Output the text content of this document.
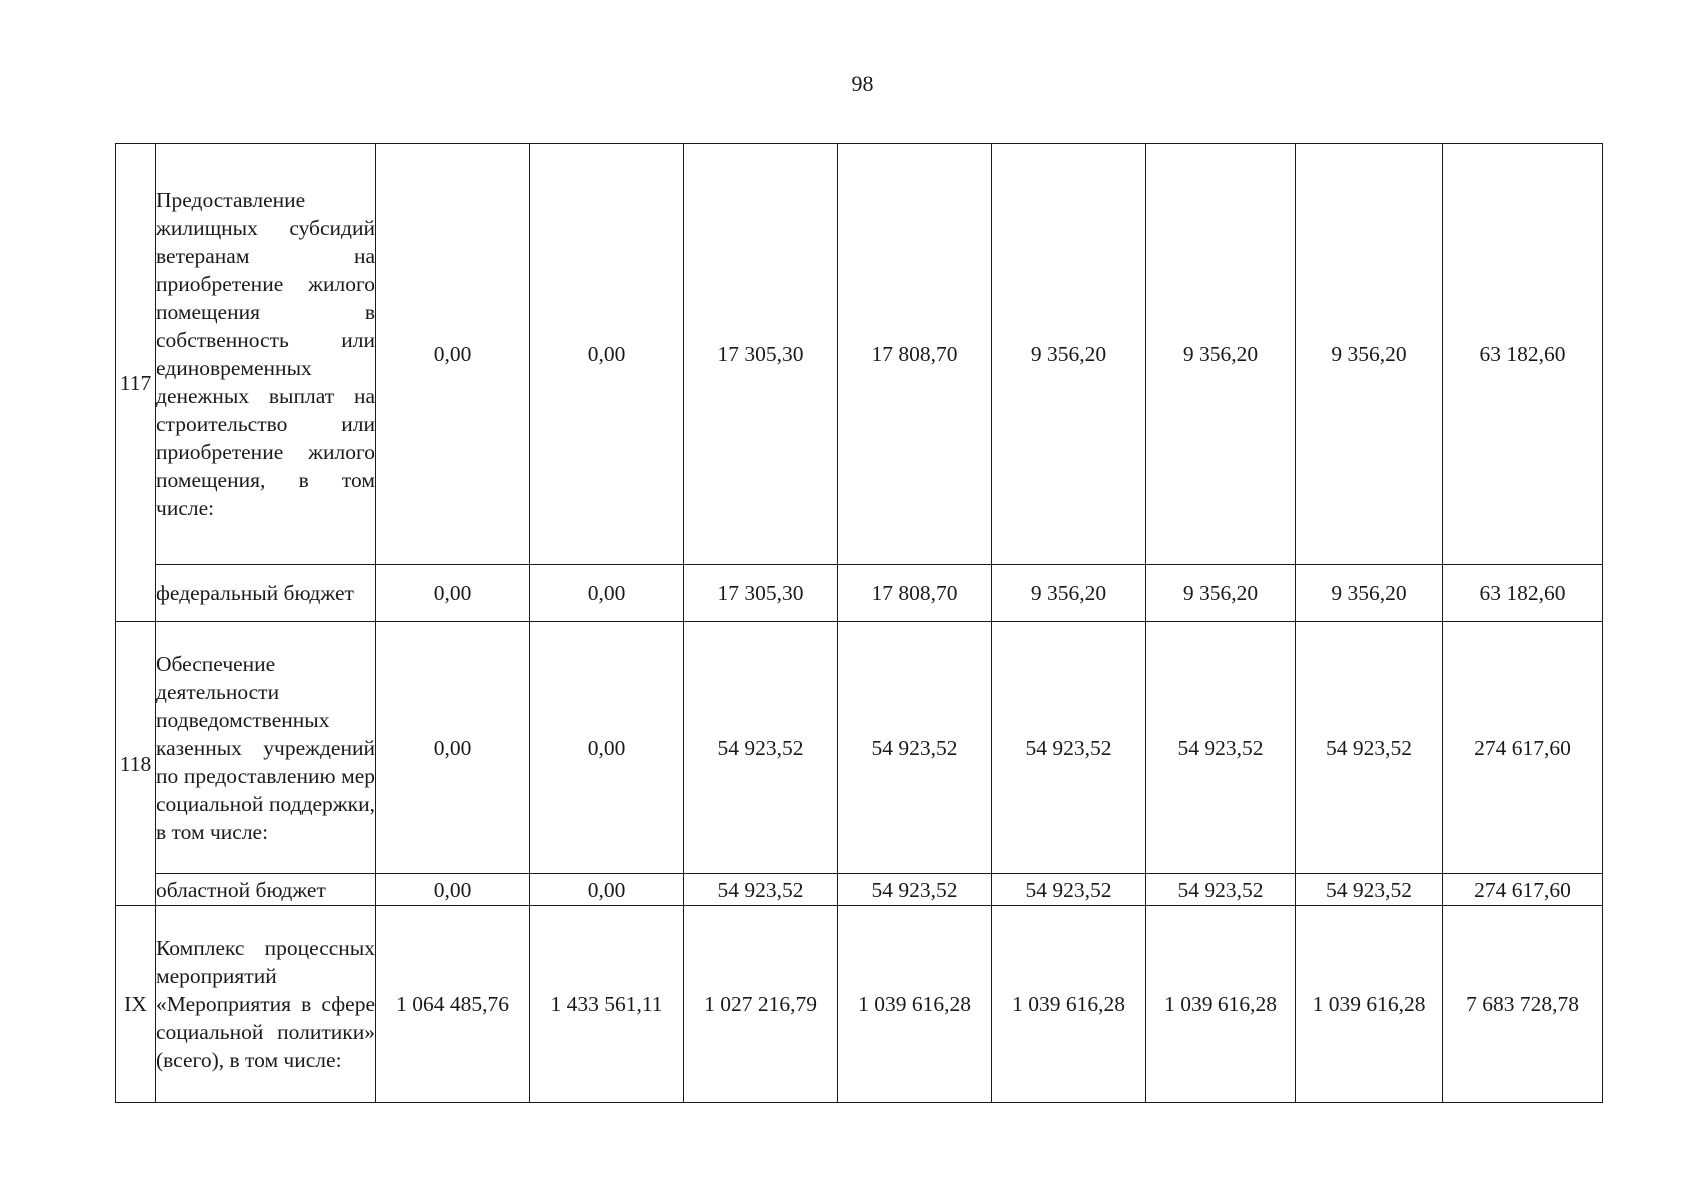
98
117	Предоставление жилищных субсидий ветеранам на приобретение жилого помещения в собственность или единовременных денежных выплат на строительство или приобретение жилого помещения, в том числе:	0,00	0,00	17 305,30	17 808,70	9 356,20	9 356,20	9 356,20	63 182,60
	федеральный бюджет	0,00	0,00	17 305,30	17 808,70	9 356,20	9 356,20	9 356,20	63 182,60
118	Обеспечение деятельности подведомственных казенных учреждений по предоставлению мер социальной поддержки, в том числе:	0,00	0,00	54 923,52	54 923,52	54 923,52	54 923,52	54 923,52	274 617,60
	областной бюджет	0,00	0,00	54 923,52	54 923,52	54 923,52	54 923,52	54 923,52	274 617,60
IX	Комплекс процессных мероприятий «Мероприятия в сфере социальной политики» (всего), в том числе:	1 064 485,76	1 433 561,11	1 027 216,79	1 039 616,28	1 039 616,28	1 039 616,28	1 039 616,28	7 683 728,78
